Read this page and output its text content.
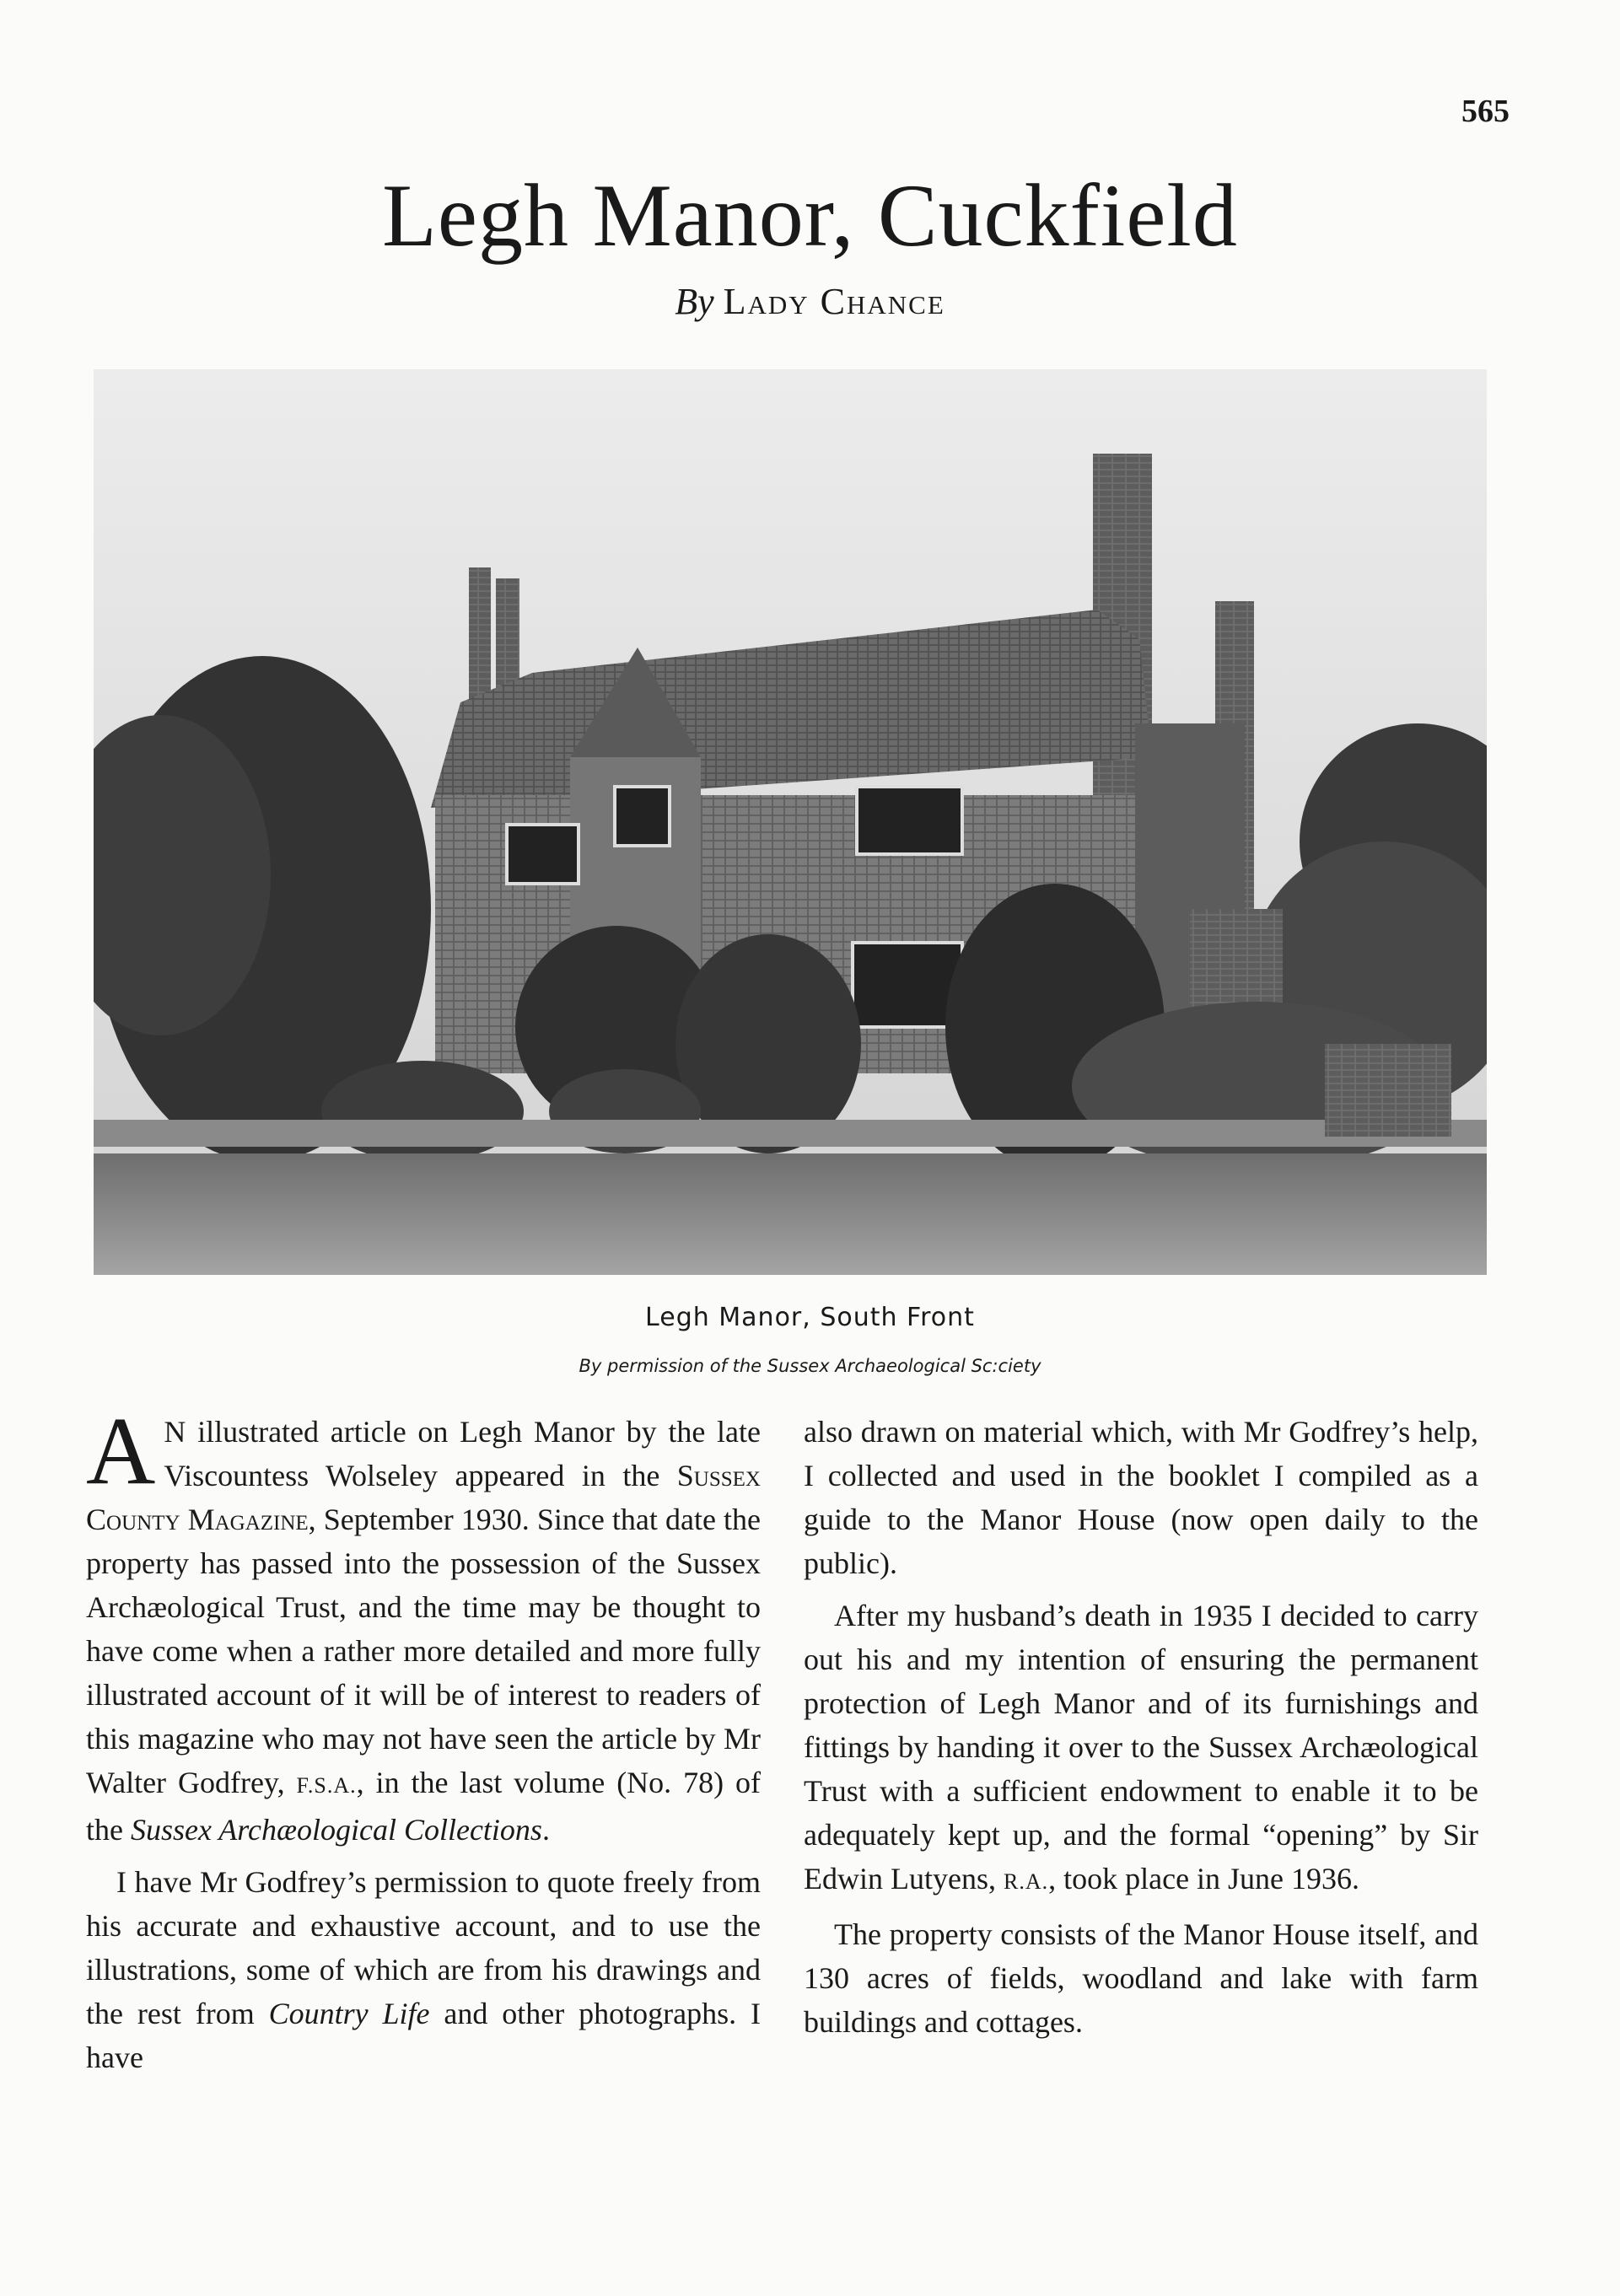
565
Legh Manor, Cuckfield
By Lady Chance
Legh Manor, South Front
By permission of the Sussex Archaeological Sc:ciety

A N illustrated article on Legh Manor by the late Viscountess Wolseley appeared in the Sussex County Magazine, September 1930. Since that date the property has passed into the possession of the Sussex Archæological Trust, and the time may be thought to have come when a rather more detailed and more fully illustrated account of it will be of interest to readers of this magazine who may not have seen the article by Mr Walter Godfrey, F.S.A., in the last volume (No. 78) of the Sussex Archæological Collections.

I have Mr Godfrey’s permission to quote freely from his accurate and exhaustive account, and to use the illustrations, some of which are from his drawings and the rest from Country Life and other photographs. I have

also drawn on material which, with Mr Godfrey’s help, I collected and used in the booklet I compiled as a guide to the Manor House (now open daily to the public).

After my husband’s death in 1935 I decided to carry out his and my intention of ensuring the permanent protection of Legh Manor and of its furnishings and fittings by handing it over to the Sussex Archæological Trust with a sufficient endowment to enable it to be adequately kept up, and the formal “opening” by Sir Edwin Lutyens, R.A., took place in June 1936.

The property consists of the Manor House itself, and 130 acres of fields, woodland and lake with farm buildings and cottages.
